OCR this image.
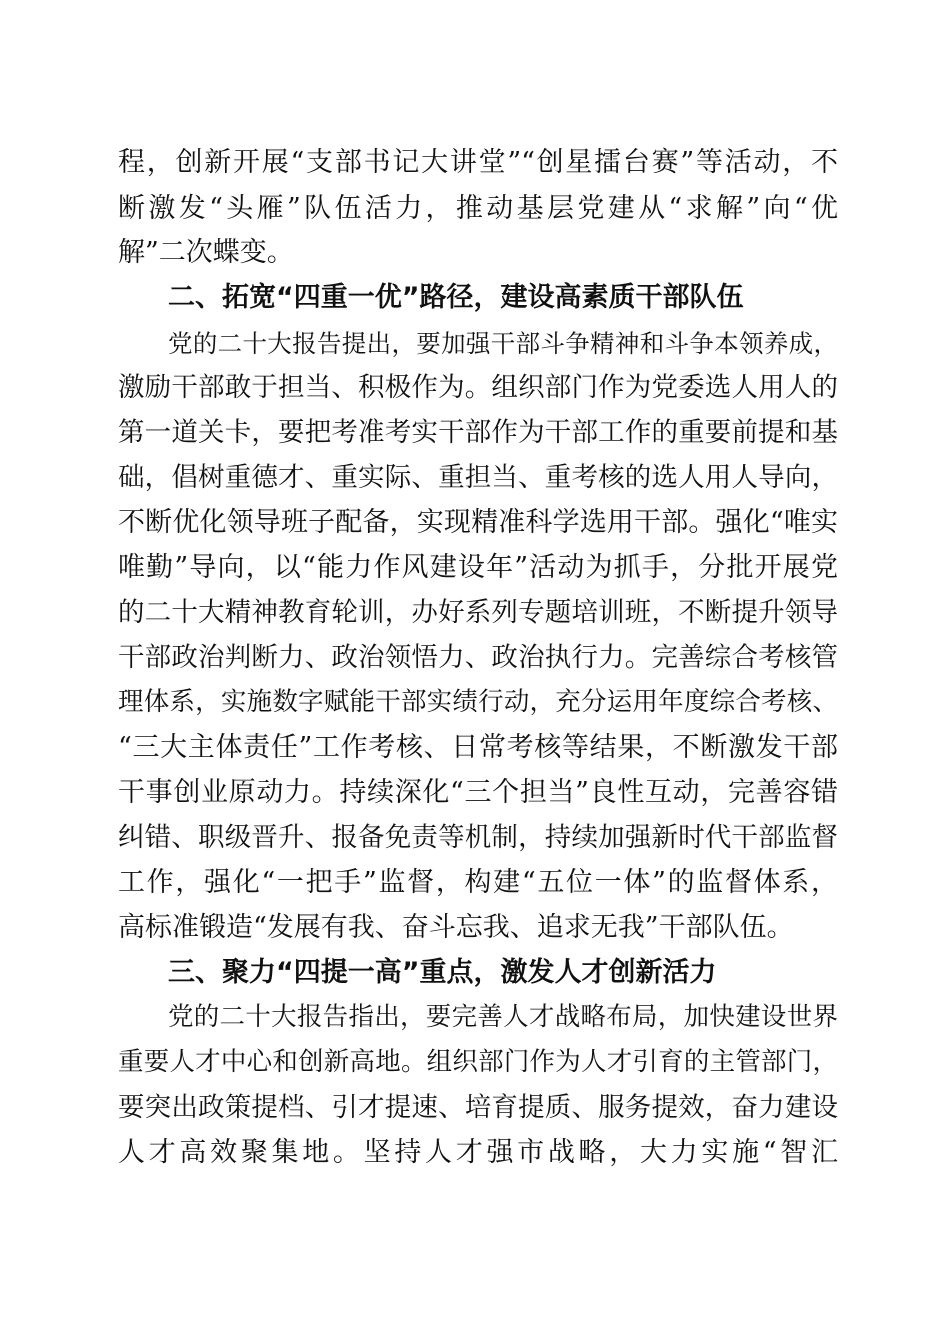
程，创新开展“支部书记大讲堂”“创星擂台赛”等活动，不
断激发“头雁”队伍活力，推动基层党建从“求解”向“优
解”二次蝶变。
二、拓宽“四重一优”路径，建设高素质干部队伍
党的二十大报告提出，要加强干部斗争精神和斗争本领养成，
激励干部敢于担当、积极作为。组织部门作为党委选人用人的
第一道关卡，要把考准考实干部作为干部工作的重要前提和基
础，倡树重德才、重实际、重担当、重考核的选人用人导向，
不断优化领导班子配备，实现精准科学选用干部。强化“唯实
唯勤”导向，以“能力作风建设年”活动为抓手，分批开展党
的二十大精神教育轮训，办好系列专题培训班，不断提升领导
干部政治判断力、政治领悟力、政治执行力。完善综合考核管
理体系，实施数字赋能干部实绩行动，充分运用年度综合考核、
“三大主体责任”工作考核、日常考核等结果，不断激发干部
干事创业原动力。持续深化“三个担当”良性互动，完善容错
纠错、职级晋升、报备免责等机制，持续加强新时代干部监督
工作，强化“一把手”监督，构建“五位一体”的监督体系，
高标准锻造“发展有我、奋斗忘我、追求无我”干部队伍。
三、聚力“四提一高”重点，激发人才创新活力
党的二十大报告指出，要完善人才战略布局，加快建设世界
重要人才中心和创新高地。组织部门作为人才引育的主管部门，
要突出政策提档、引才提速、培育提质、服务提效，奋力建设
人才高效聚集地。坚持人才强市战略，大力实施“智汇
